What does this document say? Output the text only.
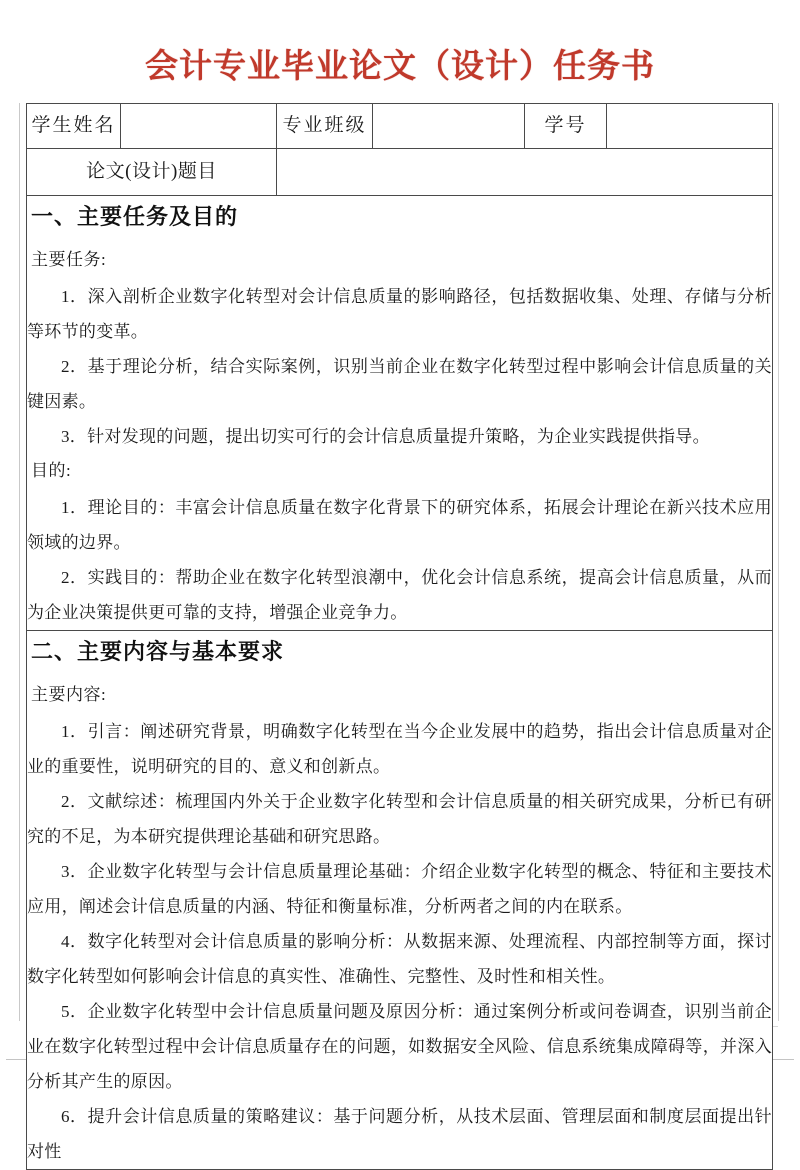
会计专业毕业论文（设计）任务书
学生姓名		专业班级		学号	
论文(设计)题目					

一、主要任务及目的
主要任务:

1．深入剖析企业数字化转型对会计信息质量的影响路径，包括数据收集、处理、存储与分析等环节的变革。

2．基于理论分析，结合实际案例，识别当前企业在数字化转型过程中影响会计信息质量的关键因素。

3．针对发现的问题，提出切实可行的会计信息质量提升策略，为企业实践提供指导。

目的:

1．理论目的：丰富会计信息质量在数字化背景下的研究体系，拓展会计理论在新兴技术应用领域的边界。

2．实践目的：帮助企业在数字化转型浪潮中，优化会计信息系统，提高会计信息质量，从而为企业决策提供更可靠的支持，增强企业竞争力。

二、主要内容与基本要求
主要内容:

1．引言：阐述研究背景，明确数字化转型在当今企业发展中的趋势，指出会计信息质量对企业的重要性，说明研究的目的、意义和创新点。

2．文献综述：梳理国内外关于企业数字化转型和会计信息质量的相关研究成果，分析已有研究的不足，为本研究提供理论基础和研究思路。

3．企业数字化转型与会计信息质量理论基础：介绍企业数字化转型的概念、特征和主要技术应用，阐述会计信息质量的内涵、特征和衡量标准，分析两者之间的内在联系。

4．数字化转型对会计信息质量的影响分析：从数据来源、处理流程、内部控制等方面，探讨数字化转型如何影响会计信息的真实性、准确性、完整性、及时性和相关性。

5．企业数字化转型中会计信息质量问题及原因分析：通过案例分析或问卷调查，识别当前企业在数字化转型过程中会计信息质量存在的问题，如数据安全风险、信息系统集成障碍等，并深入分析其产生的原因。

6．提升会计信息质量的策略建议：基于问题分析，从技术层面、管理层面和制度层面提出针对性
